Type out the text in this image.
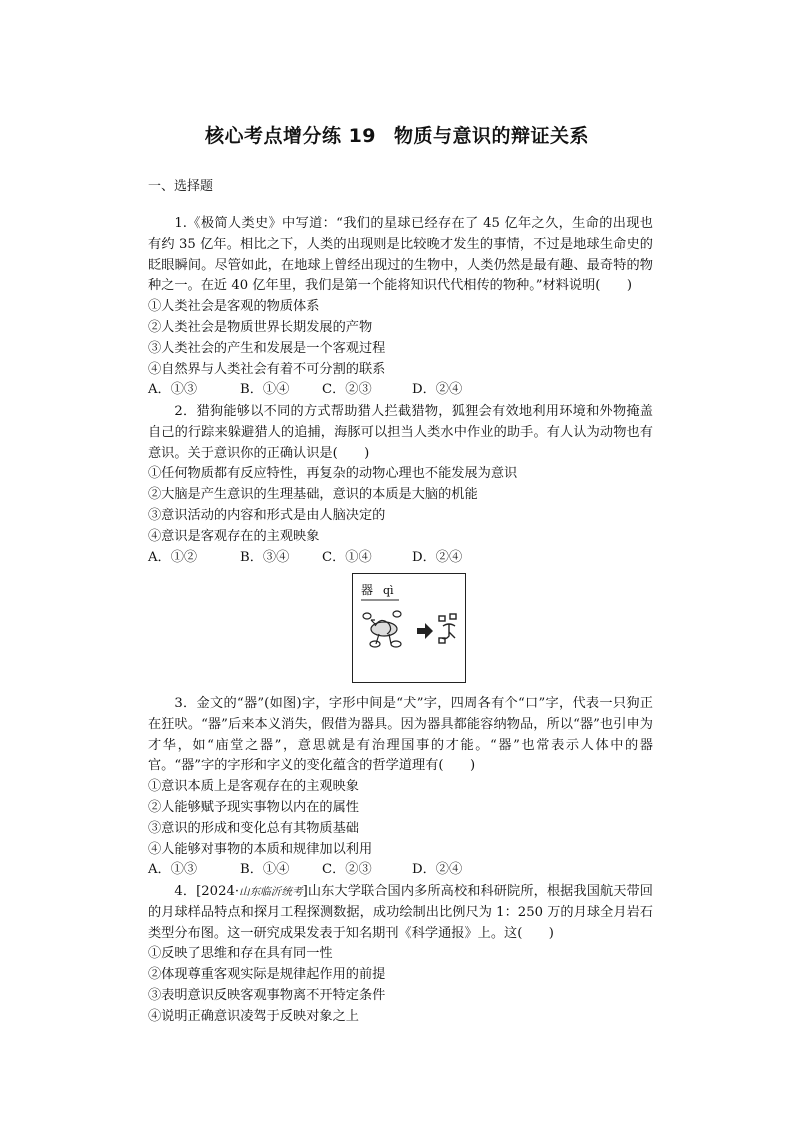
核心考点增分练 19 物质与意识的辩证关系
一、选择题

1.《极简人类史》中写道：“我们的星球已经存在了 45 亿年之久，生命的出现也有约 35 亿年。相比之下，人类的出现则是比较晚才发生的事情，不过是地球生命史的眨眼瞬间。尽管如此，在地球上曾经出现过的生物中，人类仍然是最有趣、最奇特的物种之一。在近 40 亿年里，我们是第一个能将知识代代相传的物种。”材料说明(　　)

①人类社会是客观的物质体系

②人类社会是物质世界长期发展的产物

③人类社会的产生和发展是一个客观过程

④自然界与人类社会有着不可分割的联系

A．①③	B．①④ C．②③	D．②④

2．猎狗能够以不同的方式帮助猎人拦截猎物，狐狸会有效地利用环境和外物掩盖自己的行踪来躲避猎人的追捕，海豚可以担当人类水中作业的助手。有人认为动物也有意识。关于意识你的正确认识是(　　)

①任何物质都有反应特性，再复杂的动物心理也不能发展为意识

②大脑是产生意识的生理基础，意识的本质是大脑的机能

③意识活动的内容和形式是由人脑决定的

④意识是客观存在的主观映象

A．①②	B．③④ C．①④	D．②④

器 qì

3．金文的“器”(如图)字，字形中间是“犬”字，四周各有个“口”字，代表一只狗正在狂吠。“器”后来本义消失，假借为器具。因为器具都能容纳物品，所以“器”也引申为才华，如“庙堂之器”，意思就是有治理国事的才能。“器”也常表示人体中的器官。“器”字的字形和字义的变化蕴含的哲学道理有(　　)

①意识本质上是客观存在的主观映象

②人能够赋予现实事物以内在的属性

③意识的形成和变化总有其物质基础

④人能够对事物的本质和规律加以利用

A．①③	B．①④ C．②③	D．②④

4．[2024·山东临沂统考]山东大学联合国内多所高校和科研院所，根据我国航天带回的月球样品特点和探月工程探测数据，成功绘制出比例尺为 1：250 万的月球全月岩石类型分布图。这一研究成果发表于知名期刊《科学通报》上。这(　　)

①反映了思维和存在具有同一性

②体现尊重客观实际是规律起作用的前提

③表明意识反映客观事物离不开特定条件

④说明正确意识凌驾于反映对象之上
